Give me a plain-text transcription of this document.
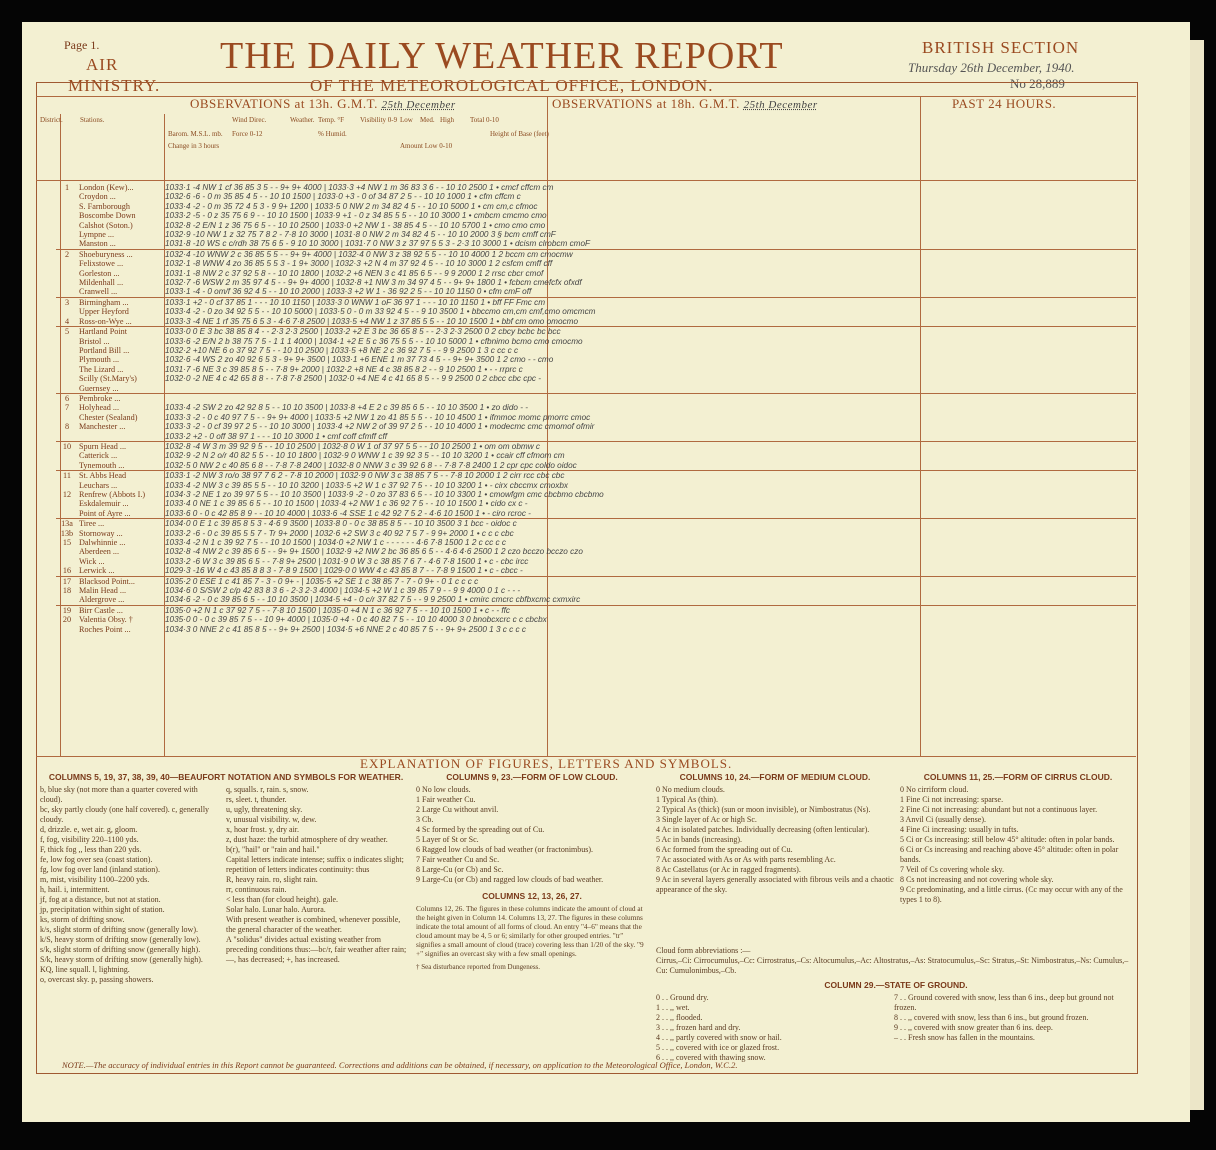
Page 1.
AIR
MINISTRY.
THE DAILY WEATHER REPORT
OF THE METEOROLOGICAL OFFICE, LONDON.
BRITISH SECTION
Thursday 26th December, 1940.
No 28,889
OBSERVATIONS at 13h. G.M.T. 25th December	OBSERVATIONS at 18h. G.M.T. 25th December	PAST 24 HOURS.
District. Stations.
Barom. M.S.L. mb.
Change in 3 hours
Wind Direc.
Force 0-12
Weather. Temp. °F
% Humid.
Visibility 0-9 Low Med. High
Amount Low 0-10
Total 0-10
Height of Base (feet)
1	London (Kew)...	1033·1 -4 NW 1 cf 36 85 3 5 - - 9+ 9+ 4000 | 1033·3 +4 NW 1 m 36 83 3 6 - - 10 10 2500 1 • cmcf cffcm cm
	Croydon ...	1032·6 -6 - 0 m 35 85 4 5 - - 10 10 1500 | 1033·0 +3 - 0 of 34 87 2 5 - - 10 10 1000 1 • cfm cffcm c
	S. Farnborough	1033·4 -2 - 0 m 35 72 4 5 3 - 9 9+ 1200 | 1033·5 0 NW 2 m 34 82 4 5 - - 10 10 5000 1 • cm cm,c cfmoc
	Boscombe Down	1033·2 -5 - 0 z 35 75 6 9 - - 10 10 1500 | 1033·9 +1 - 0 z 34 85 5 5 - - 10 10 3000 1 • cmbcm cmcmo cmo
	Calshot (Soton.)	1032·8 -2 E/N 1 z 36 75 6 5 - - 10 10 2500 | 1033·0 +2 NW 1 - 38 85 4 5 - - 10 10 5700 1 • cmo cmo cmo
	Lympne ...	1032·9 -10 NW 1 z 32 75 7 8 2 - 7·8 10 3000 | 1031·8 0 NW 2 m 34 82 4 5 - - 10 10 2000 3 § bcm cmff cmF
	Manston ...	1031·8 -10 WS c c/rdh 38 75 6 5 - 9 10 10 3000 | 1031·7 0 NW 3 z 37 97 5 5 3 - 2·3 10 3000 1 • dcism clrobcm cmoF
2	Shoeburyness ...	1032·4 -10 WNW 2 c 36 85 5 5 - - 9+ 9+ 4000 | 1032·4 0 NW 3 z 38 92 5 5 - - 10 10 4000 1 2 bccm cm cmocmw
	Felixstowe ...	1032·1 -8 WNW 4 zo 36 85 5 5 3 - 1 9+ 3000 | 1032·3 +2 N 4 m 37 92 4 5 - - 10 10 3000 1 2 csfcm cmff cff
	Gorleston ...	1031·1 -8 NW 2 c 37 92 5 8 - - 10 10 1800 | 1032·2 +6 NEN 3 c 41 85 6 5 - - 9 9 2000 1 2 rrsc cbcr cmof
	Mildenhall ...	1032·7 -6 WSW 2 m 35 97 4 5 - - 9+ 9+ 4000 | 1032·8 +1 NW 3 m 34 97 4 5 - - 9+ 9+ 1800 1 • fcbcm cmefcfx ofxdf
	Cranwell ...	1033·1 -4 - 0 om/f 36 92 4 5 - - 10 10 2000 | 1033·3 +2 W 1 - 36 92 2 5 - - 10 10 1150 0 • cfm cmF off
3	Birmingham ...	1033·1 +2 - 0 cf 37 85 1 - - - 10 10 1150 | 1033·3 0 WNW 1 oF 36 97 1 - - - 10 10 1150 1 • bff FF Fmc cm
	Upper Heyford	1033·4 -2 - 0 zo 34 92 5 5 - - 10 10 5000 | 1033·5 0 - 0 m 33 92 4 5 - - 9 10 3500 1 • bbccmo cm,cm cmf,cmo omcmcm
4	Ross-on-Wye ...	1033·3 -4 NE 1 rf 35 75 6 5 3 - 4·6 7·8 2500 | 1033·5 +4 NW 1 z 37 85 5 5 - - 10 10 1500 1 • bbf cm omo omocmo
5	Hartland Point	1033·0 0 E 3 bc 38 85 8 4 - - 2·3 2·3 2500 | 1033·2 +2 E 3 bc 36 65 8 5 - - 2·3 2·3 2500 0 2 cbcy bcbc bc bcc
	Bristol ...	1033·6 -2 E/N 2 b 38 75 7 5 - 1 1 1 4000 | 1034·1 +2 E 5 c 36 75 5 5 - - 10 10 5000 1 • cfbnimo bcmo cmo cmocmo
	Portland Bill ...	1032·2 +10 NE 6 o 37 92 7 5 - - 10 10 2500 | 1033·5 +8 NE 2 c 36 92 7 5 - - 9 9 2500 1 3 c cc c c
	Plymouth ...	1032·6 -4 WS 2 zo 40 92 6 5 3 - 9+ 9+ 3500 | 1033·1 +6 ENE 1 m 37 73 4 5 - - 9+ 9+ 3500 1 2 cmo - - cmo
	The Lizard ...	1031·7 -6 NE 3 c 39 85 8 5 - - 7·8 9+ 2000 | 1032·2 +8 NE 4 c 38 85 8 2 - - 9 10 2500 1 • - - rrprc c
	Scilly (St.Mary's)	1032·0 -2 NE 4 c 42 65 8 8 - - 7·8 7·8 2500 | 1032·0 +4 NE 4 c 41 65 8 5 - - 9 9 2500 0 2 cbcc cbc cpc -
	Guernsey ...	
6	Pembroke ...	
7	Holyhead ...	1033·4 -2 SW 2 zo 42 92 8 5 - - 10 10 3500 | 1033·8 +4 E 2 c 39 85 6 5 - - 10 10 3500 1 • zo dido - -
	Chester (Sealand)	1033·3 -2 - 0 c 40 97 7 5 - - 9+ 9+ 4000 | 1033·5 +2 NW 1 zo 41 85 5 5 - - 10 10 4500 1 • ifmmoc momc pmorrc cmoc
8	Manchester ...	1033·3 -2 - 0 cf 39 97 2 5 - - 10 10 3000 | 1033·4 +2 NW 2 of 39 97 2 5 - - 10 10 4000 1 • modecmc cmc cmomof ofmir
		1033·2 +2 - 0 off 38 97 1 - - - 10 10 3000 1 • cmf coff cfmff cff
10	Spurn Head ...	1032·8 -4 W 3 m 39 92 9 5 - - 10 10 2500 | 1032·8 0 W 1 of 37 97 5 5 - - 10 10 2500 1 • om om obmw c
	Catterick ...	1032·9 -2 N 2 o/r 40 82 5 5 - - 10 10 1800 | 1032·9 0 WNW 1 c 39 92 3 5 - - 10 10 3200 1 • ccair cff cfmom cm
	Tynemouth ...	1032·5 0 NW 2 c 40 85 6 8 - - 7·8 7·8 2400 | 1032·8 0 NNW 3 c 39 92 6 8 - - 7·8 7·8 2400 1 2 cpr cpc coldo oidoc
11	St. Abbs Head	1033·1 -2 NW 3 ro/o 38 97 7 6 2 - 7·8 10 2000 | 1032·9 0 NW 3 c 38 85 7 5 - - 7·8 10 2000 1 2 cirr rcc cbc cbc
	Leuchars ...	1033·4 -2 NW 3 c 39 85 5 5 - - 10 10 3200 | 1033·5 +2 W 1 c 37 92 7 5 - - 10 10 3200 1 • - cirx cbccmx cmoxbx
12	Renfrew (Abbots I.)	1034·3 -2 NE 1 zo 39 97 5 5 - - 10 10 3500 | 1033·9 -2 - 0 zo 37 83 6 5 - - 10 10 3300 1 • cmowfgm cmc cbcbmo cbcbmo
	Eskdalemuir ...	1033·4 0 NE 1 c 39 85 6 5 - - 10 10 1500 | 1033·4 +2 NW 1 c 36 92 7 5 - - 10 10 1500 1 • cido cx c -
	Point of Ayre ...	1033·6 0 - 0 c 42 85 8 9 - - 10 10 4000 | 1033·6 -4 SSE 1 c 42 92 7 5 2 - 4·6 10 1500 1 • - ciro rcroc -
13a	Tiree ...	1034·0 0 E 1 c 39 85 8 5 3 - 4·6 9 3500 | 1033·8 0 - 0 c 38 85 8 5 - - 10 10 3500 3 1 bcc - oidoc c
13b	Stornoway ...	1033·2 -6 - 0 c 39 85 5 5 7 - Tr 9+ 2000 | 1032·6 +2 SW 3 c 40 92 7 5 7 - 9 9+ 2000 1 • c c c cbc
15	Dalwhinnie ...	1033·4 -2 N 1 c 39 92 7 5 - - 10 10 1500 | 1034·0 +2 NW 1 c - - - - - - 4·6 7·8 1500 1 2 c cc c c
	Aberdeen ...	1032·8 -4 NW 2 c 39 85 6 5 - - 9+ 9+ 1500 | 1032·9 +2 NW 2 bc 36 85 6 5 - - 4·6 4·6 2500 1 2 czo bcczo bcczo czo
	Wick ...	1033·2 -6 W 3 c 39 85 6 5 - - 7·8 9+ 2500 | 1031·9 0 W 3 c 38 85 7 6 7 - 4·6 7·8 1500 1 • c - cbc ircc
16	Lerwick ...	1029·3 -16 W 4 c 43 85 8 8 3 - 7·8 9 1500 | 1029·0 0 WW 4 c 43 85 8 7 - - 7·8 9 1500 1 • c - cbcc -
17	Blacksod Point...	1035·2 0 ESE 1 c 41 85 7 - 3 - 0 9+ - | 1035·5 +2 SE 1 c 38 85 7 - 7 - 0 9+ - 0 1 c c c c
18	Malin Head ...	1034·6 0 S/SW 2 c/p 42 83 8 3 6 - 2·3 2·3 4000 | 1034·5 +2 W 1 c 39 85 7 9 - - 9 9 4000 0 1 c - - -
	Aldergrove ...	1034·6 -2 - 0 c 39 85 6 5 - - 10 10 3500 | 1034·5 +4 - 0 c/r 37 82 7 5 - - 9 9 2500 1 • cmirc cmcrc cbfbxcmc cxmxirc
19	Birr Castle ...	1035·0 +2 N 1 c 37 92 7 5 - - 7·8 10 1500 | 1035·0 +4 N 1 c 36 92 7 5 - - 10 10 1500 1 • c - - ffc
20	Valentia Obsy. †	1035·0 0 - 0 c 39 85 7 5 - - 10 9+ 4000 | 1035·0 +4 - 0 c 40 82 7 5 - - 10 10 4000 3 0 bnobcxcrc c c cbcbx
	Roches Point ...	1034·3 0 NNE 2 c 41 85 8 5 - - 9+ 9+ 2500 | 1034·5 +6 NNE 2 c 40 85 7 5 - - 9+ 9+ 2500 1 3 c c c c
EXPLANATION OF FIGURES, LETTERS AND SYMBOLS.
COLUMNS 5, 19, 37, 38, 39, 40—BEAUFORT NOTATION AND SYMBOLS FOR WEATHER.
b, blue sky (not more than a quarter covered with cloud).
bc, sky partly cloudy (one half covered). c, generally cloudy.
d, drizzle. e, wet air. g, gloom.
f, fog, visibility 220–1100 yds.
F, thick fog ,, less than 220 yds.
fe, low fog over sea (coast station).
fg, low fog over land (inland station).
m, mist, visibility 1100–2200 yds.
h, hail. i, intermittent.
jf, fog at a distance, but not at station.
jp, precipitation within sight of station.
ks, storm of drifting snow.
k/s, slight storm of drifting snow (generally low).
k/S, heavy storm of drifting snow (generally low).
s/k, slight storm of drifting snow (generally high).
S/k, heavy storm of drifting snow (generally high).
KQ, line squall. l, lightning.
o, overcast sky. p, passing showers.
q, squalls. r, rain. s, snow.
rs, sleet. t, thunder.
u, ugly, threatening sky.
v, unusual visibility. w, dew.
x, hoar frost. y, dry air.
z, dust haze: the turbid atmosphere of dry weather.
b(r), "hail" or "rain and hail."
Capital letters indicate intense; suffix o indicates slight; repetition of letters indicates continuity: thus
R, heavy rain. ro, slight rain.
rr, continuous rain.
< less than (for cloud height). gale.
Solar halo. Lunar halo. Aurora.
With present weather is combined, whenever possible, the general character of the weather.
A "solidus" divides actual existing weather from preceding conditions thus:—bc/r, fair weather after rain; —, has decreased; +, has increased.
COLUMNS 9, 23.—FORM OF LOW CLOUD.
0 No low clouds.
1 Fair weather Cu.
2 Large Cu without anvil.
3 Cb.
4 Sc formed by the spreading out of Cu.
5 Layer of St or Sc.
6 Ragged low clouds of bad weather (or fractonimbus).
7 Fair weather Cu and Sc.
8 Large-Cu (or Cb) and Sc.
9 Large-Cu (or Cb) and ragged low clouds of bad weather.
COLUMNS 12, 13, 26, 27.
Columns 12, 26. The figures in these columns indicate the amount of cloud at the height given in Column 14. Columns 13, 27. The figures in these columns indicate the total amount of all forms of cloud. An entry "4–6" means that the cloud amount may be 4, 5 or 6; similarly for other grouped entries. "tr" signifies a small amount of cloud (trace) covering less than 1/20 of the sky. "9 +" signifies an overcast sky with a few small openings.
† Sea disturbance reported from Dungeness.
COLUMNS 10, 24.—FORM OF MEDIUM CLOUD.
0 No medium clouds.
1 Typical As (thin).
2 Typical As (thick) (sun or moon invisible), or Nimbostratus (Ns).
3 Single layer of Ac or high Sc.
4 Ac in isolated patches. Individually decreasing (often lenticular).
5 Ac in bands (increasing).
6 Ac formed from the spreading out of Cu.
7 Ac associated with As or As with parts resembling Ac.
8 Ac Castellatus (or Ac in ragged fragments).
9 Ac in several layers generally associated with fibrous veils and a chaotic appearance of the sky.
COLUMNS 11, 25.—FORM OF CIRRUS CLOUD.
0 No cirriform cloud.
1 Fine Ci not increasing: sparse.
2 Fine Ci not increasing: abundant but not a continuous layer.
3 Anvil Ci (usually dense).
4 Fine Ci increasing: usually in tufts.
5 Ci or Cs increasing: still below 45° altitude: often in polar bands.
6 Ci or Cs increasing and reaching above 45° altitude: often in polar bands.
7 Veil of Cs covering whole sky.
8 Cs not increasing and not covering whole sky.
9 Cc predominating, and a little cirrus. (Cc may occur with any of the types 1 to 8).
Cloud form abbreviations :—
Cirrus,–Ci: Cirrocumulus,–Cc: Cirrostratus,–Cs: Altocumulus,–Ac: Altostratus,–As: Stratocumulus,–Sc: Stratus,–St: Nimbostratus,–Ns: Cumulus,–Cu: Cumulonimbus,–Cb.
COLUMN 29.—STATE OF GROUND.
0 . . Ground dry.
1 . . ,, wet.
2 . . ,, flooded.
3 . . ,, frozen hard and dry.
4 . . ,, partly covered with snow or hail.
5 . . ,, covered with ice or glazed frost.
6 . . ,, covered with thawing snow.
7 . . Ground covered with snow, less than 6 ins., deep but ground not frozen.
8 . . ,, covered with snow, less than 6 ins., but ground frozen.
9 . . ,, covered with snow greater than 6 ins. deep.
– . . Fresh snow has fallen in the mountains.
NOTE.—The accuracy of individual entries in this Report cannot be guaranteed. Corrections and additions can be obtained, if necessary, on application to the Meteorological Office, London, W.C.2.
